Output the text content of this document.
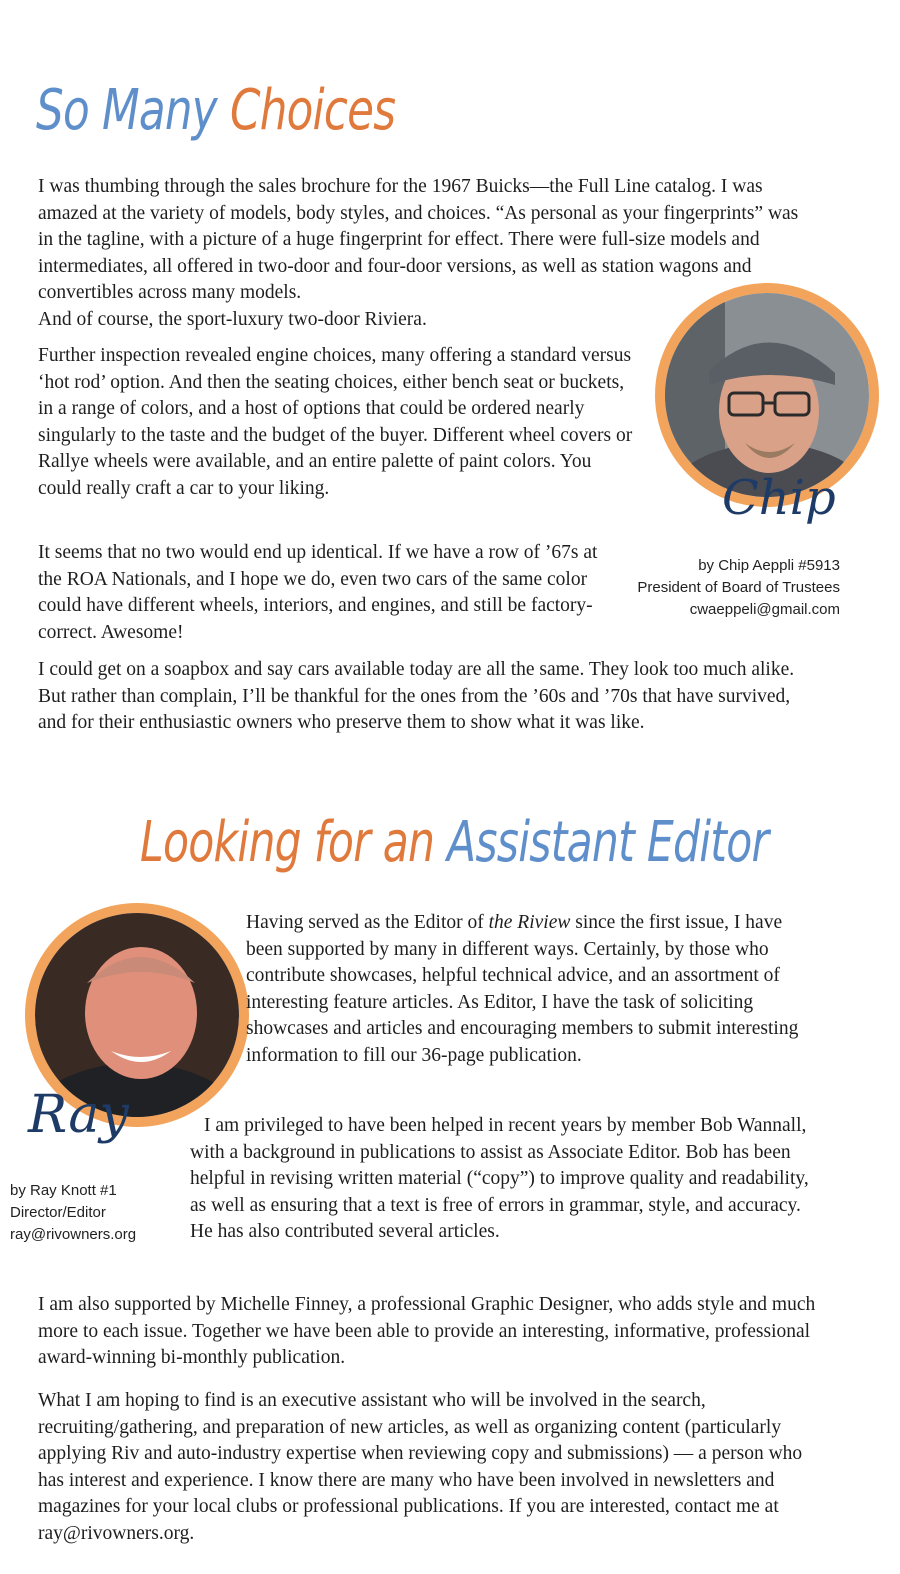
So Many Choices

I was thumbing through the sales brochure for the 1967 Buicks—the Full Line catalog. I was amazed at the variety of models, body styles, and choices. “As personal as your fingerprints” was in the tagline, with a picture of a huge fingerprint for effect. There were full-size models and intermediates, all offered in two-door and four-door versions, as well as station wagons and convertibles across many models.
And of course, the sport-luxury two-door Riviera.

Further inspection revealed engine choices, many offering a standard versus ‘hot rod’ option. And then the seating choices, either bench seat or buckets, in a range of colors, and a host of options that could be ordered nearly singularly to the taste and the budget of the buyer. Different wheel covers or Rallye wheels were available, and an entire palette of paint colors. You could really craft a car to your liking.

It seems that no two would end up identical. If we have a row of ’67s at the ROA Nationals, and I hope we do, even two cars of the same color could have different wheels, interiors, and engines, and still be factory-correct. Awesome!

I could get on a soapbox and say cars available today are all the same. They look too much alike. But rather than complain, I’ll be thankful for the ones from the ’60s and ’70s that have survived, and for their enthusiastic owners who preserve them to show what it was like.

Chip
by Chip Aeppli #5913
President of Board of Trustees
cwaeppeli@gmail.com
Looking for an Assistant Editor
Ray
by Ray Knott #1
Director/Editor
ray@rivowners.org

Having served as the Editor of the Riview since the first issue, I have been supported by many in different ways. Certainly, by those who contribute showcases, helpful technical advice, and an assortment of interesting feature articles. As Editor, I have the task of soliciting showcases and articles and encouraging members to submit interesting information to fill our 36-page publication.

I am privileged to have been helped in recent years by member Bob Wannall, with a background in publications to assist as Associate Editor. Bob has been helpful in revising written material (“copy”) to improve quality and readability, as well as ensuring that a text is free of errors in grammar, style, and accuracy. He has also contributed several articles.

I am also supported by Michelle Finney, a professional Graphic Designer, who adds style and much more to each issue. Together we have been able to provide an interesting, informative, professional award-winning bi-monthly publication.

What I am hoping to find is an executive assistant who will be involved in the search, recruiting/gathering, and preparation of new articles, as well as organizing content (particularly applying Riv and auto-industry expertise when reviewing copy and submissions) — a person who has interest and experience. I know there are many who have been involved in newsletters and magazines for your local clubs or professional publications. If you are interested, contact me at ray@rivowners.org.
